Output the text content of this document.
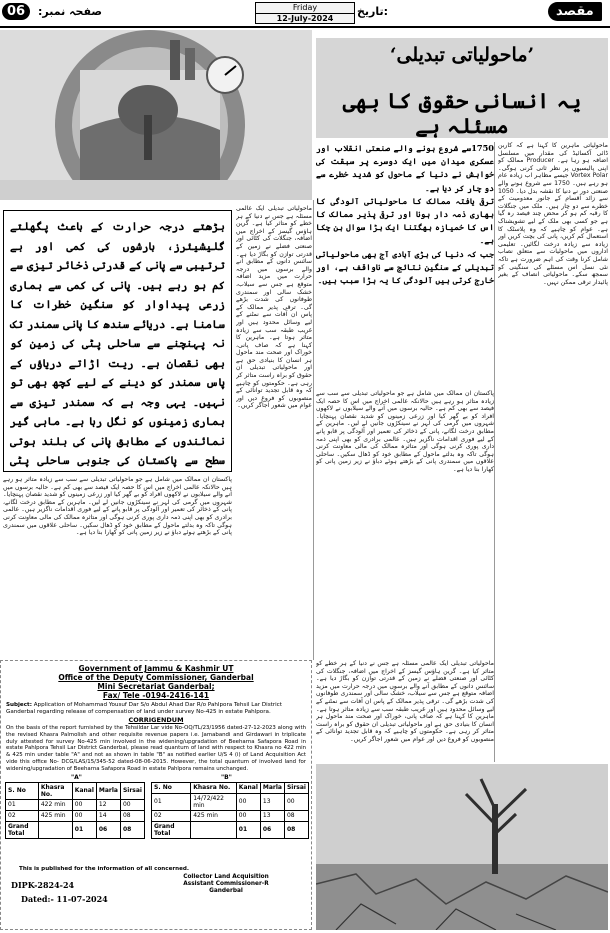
06	صفحہ نمبر:	Friday
12-July-2024
تاریخ:	مقصد
’ماحولیاتی تبدیلی‘
یہ انسانی حقوق کا بھی مسئلہ ہے

1750سے شروع ہونے والے صنعتی انقلاب اور عسکری میدان میں ایک دوسرے پر سبقت کی خواہش نے دنیا کے ماحول کو شدید خطرے سے دو چار کر دیا ہے۔

ترقی یافتہ ممالک کا ماحولیاتی آلودگی کا بھاری ذمہ دار ہونا اور ترقی پذیر ممالک کا اس کا خمیازہ بھگتنا ایک بڑا سوال بن چکا ہے۔

جب کہ دنیا کی بڑی آبادی آج بھی ماحولیاتی تبدیلی کے سنگین نتائج سے ناواقف ہے، اور خارج کرتی ہیں آلودگی کا یہ بڑا سبب ہیں۔

بڑھتے درجہ حرارت کے باعث پگھلتے گلیشیئرز، بارشوں کی کمی اور بے ترتیبی سے پانی کے قدرتی ذخائر تیزی سے کم ہو رہے ہیں۔ پانی کی کمی سے ہماری زرعی پیداوار کو سنگین خطرات کا سامنا ہے۔ دریائے سندھ کا پانی سمندر تک نہ پہنچنے سے ساحلی پٹی کی زمین کو بھی نقصان ہے۔ ریت اڑاتے دریاؤں کے پاس سمندر کو دینے کے لیے کچھ بھی تو نہیں۔ یہی وجہ ہے کہ سمندر تیزی سے ہماری زمینوں کو نگل رہا ہے۔ ماہی گیر نمائندوں کے مطابق پانی کی بلند ہوتی سطح سے پاکستان کی جنوبی ساحلی پٹی
ماحولیاتی تبدیلی ایک عالمی مسئلہ ہے جس نے دنیا کے ہر خطے کو متاثر کیا ہے۔ گرین ہاؤس گیسز کے اخراج میں اضافہ، جنگلات کی کٹائی اور صنعتی فضلے نے زمین کے قدرتی توازن کو بگاڑ دیا ہے۔ سائنس دانوں کے مطابق آنے والے برسوں میں درجہ حرارت میں مزید اضافہ متوقع ہے جس سے سیلاب، خشک سالی اور سمندری طوفانوں کی شدت بڑھے گی۔ ترقی پذیر ممالک کے پاس ان آفات سے نمٹنے کے لیے وسائل محدود ہیں اور غریب طبقہ سب سے زیادہ متاثر ہوتا ہے۔ ماہرین کا کہنا ہے کہ صاف پانی، خوراک اور صحت مند ماحول ہر انسان کا بنیادی حق ہے اور ماحولیاتی تبدیلی ان حقوق کو براہ راست متاثر کر رہی ہے۔ حکومتوں کو چاہیے کہ وہ قابل تجدید توانائی کے منصوبوں کو فروغ دیں اور عوام میں شعور اجاگر کریں۔
پاکستان ان ممالک میں شامل ہے جو ماحولیاتی تبدیلی سے سب سے زیادہ متاثر ہو رہے ہیں حالانکہ عالمی اخراج میں اس کا حصہ ایک فیصد سے بھی کم ہے۔ حالیہ برسوں میں آنے والے سیلابوں نے لاکھوں افراد کو بے گھر کیا اور زرعی زمینوں کو شدید نقصان پہنچایا۔ شہروں میں گرمی کی لہر نے سینکڑوں جانیں لے لیں۔ ماہرین کے مطابق درخت لگانے، پانی کے ذخائر کی تعمیر اور آلودگی پر قابو پانے کے لیے فوری اقدامات ناگزیر ہیں۔ عالمی برادری کو بھی اپنی ذمہ داری پوری کرنی ہوگی اور متاثرہ ممالک کی مالی معاونت کرنی ہوگی تاکہ وہ بدلتے ماحول کے مطابق خود کو ڈھال سکیں۔ ساحلی علاقوں میں سمندری پانی کے بڑھتے ہوئے دباؤ نے زیر زمین پانی کو کھارا بنا دیا ہے۔
پاکستان ان ممالک میں شامل ہے جو ماحولیاتی تبدیلی سے سب سے زیادہ متاثر ہو رہے ہیں حالانکہ عالمی اخراج میں اس کا حصہ ایک فیصد سے بھی کم ہے۔ حالیہ برسوں میں آنے والے سیلابوں نے لاکھوں افراد کو بے گھر کیا اور زرعی زمینوں کو شدید نقصان پہنچایا۔ شہروں میں گرمی کی لہر نے سینکڑوں جانیں لے لیں۔ ماہرین کے مطابق درخت لگانے، پانی کے ذخائر کی تعمیر اور آلودگی پر قابو پانے کے لیے فوری اقدامات ناگزیر ہیں۔ عالمی برادری کو بھی اپنی ذمہ داری پوری کرنی ہوگی اور متاثرہ ممالک کی مالی معاونت کرنی ہوگی تاکہ وہ بدلتے ماحول کے مطابق خود کو ڈھال سکیں۔ ساحلی علاقوں میں سمندری پانی کے بڑھتے ہوئے دباؤ نے زیر زمین پانی کو کھارا بنا دیا ہے۔
ماحولیاتی ماہرین کا کہنا ہے کہ کاربن ڈائی آکسائیڈ کی مقدار میں مسلسل اضافہ ہو رہا ہے۔ Producer ممالک کو اپنی پالیسیوں پر نظر ثانی کرنی ہوگی۔ Vortex Polar جیسے مظاہر اب زیادہ عام ہو رہے ہیں۔ 1750 سے شروع ہونے والے صنعتی دور نے دنیا کا نقشہ بدل دیا۔ 1050 سے زائد اقسام کے جانور معدومیت کے خطرے سے دو چار ہیں۔ ملک میں جنگلات کا رقبہ کم ہو کر محض چند فیصد رہ گیا ہے جو کسی بھی ملک کے لیے تشویشناک ہے۔ عوام کو چاہیے کہ وہ پلاسٹک کا استعمال کم کریں، پانی کی بچت کریں اور زیادہ سے زیادہ درخت لگائیں۔ تعلیمی اداروں میں ماحولیات سے متعلق نصاب شامل کرنا وقت کی اہم ضرورت ہے تاکہ نئی نسل اس مسئلے کی سنگینی کو سمجھ سکے۔ ماحولیاتی انصاف کے بغیر پائیدار ترقی ممکن نہیں۔
ماحولیاتی تبدیلی ایک عالمی مسئلہ ہے جس نے دنیا کے ہر خطے کو متاثر کیا ہے۔ گرین ہاؤس گیسز کے اخراج میں اضافہ، جنگلات کی کٹائی اور صنعتی فضلے نے زمین کے قدرتی توازن کو بگاڑ دیا ہے۔ سائنس دانوں کے مطابق آنے والے برسوں میں درجہ حرارت میں مزید اضافہ متوقع ہے جس سے سیلاب، خشک سالی اور سمندری طوفانوں کی شدت بڑھے گی۔ ترقی پذیر ممالک کے پاس ان آفات سے نمٹنے کے لیے وسائل محدود ہیں اور غریب طبقہ سب سے زیادہ متاثر ہوتا ہے۔ ماہرین کا کہنا ہے کہ صاف پانی، خوراک اور صحت مند ماحول ہر انسان کا بنیادی حق ہے اور ماحولیاتی تبدیلی ان حقوق کو براہ راست متاثر کر رہی ہے۔ حکومتوں کو چاہیے کہ وہ قابل تجدید توانائی کے منصوبوں کو فروغ دیں اور عوام میں شعور اجاگر کریں۔
Government of Jammu & Kashmir UT
Office of the Deputy Commissioner, Ganderbal
Mini Secretariat Ganderbal;
Fax/ Tele -0194-2416-141
Subject: Application of Mohammad Yousuf Dar S/o Abdul Ahad Dar R/o Pahlpora Tehsil Lar District Ganderbal regarding release of compensation of land under survey No-425 in estate Pahlpora.
CORRIGENDUM
On the basis of the report furnished by the Tehsildar Lar vide No-OQ/TL/23/1956 dated-27-12-2023 along with the revised Khasra Palmolish and other requisite revenue papers i.e. Jamabandi and Girdawari in triplicate duly attested for survey No-425 min involved in the widening/upgradation of Beeharna Safapora Road in estate Pahlpora Tehsil Lar District Ganderbal, please read quantum of land with respect to Khasra no 422 min & 425 min under table "A" and not as shown in table "B" as notified earlier U/S 4 (i) of Land Acquisition Act vide this office No- DCG/LAS/15/345-52 dated-08-06-2015. However, the total quantum of involved land for widening/upgradation of Beeharna Safapora Road in estate Pahlpora remains unchanged.
"A"	"B"
S. No	Khasra No.	Kanal	Marla	Sirsai
01	422 min	00	12	00
02	425 min	00	14	08
Grand Total		01	06	08
S. No	Khasra No.	Kanal	Marla	Sirsai
01	14/72/422 min	00	13	00
02	425 min	00	13	08
Grand Total		01	06	08
This is published for the information of all concerned.
DIPK-2824-24
Dated:- 11-07-2024
Collector Land Acquisition
Assistant Commissioner-R
Ganderbal
